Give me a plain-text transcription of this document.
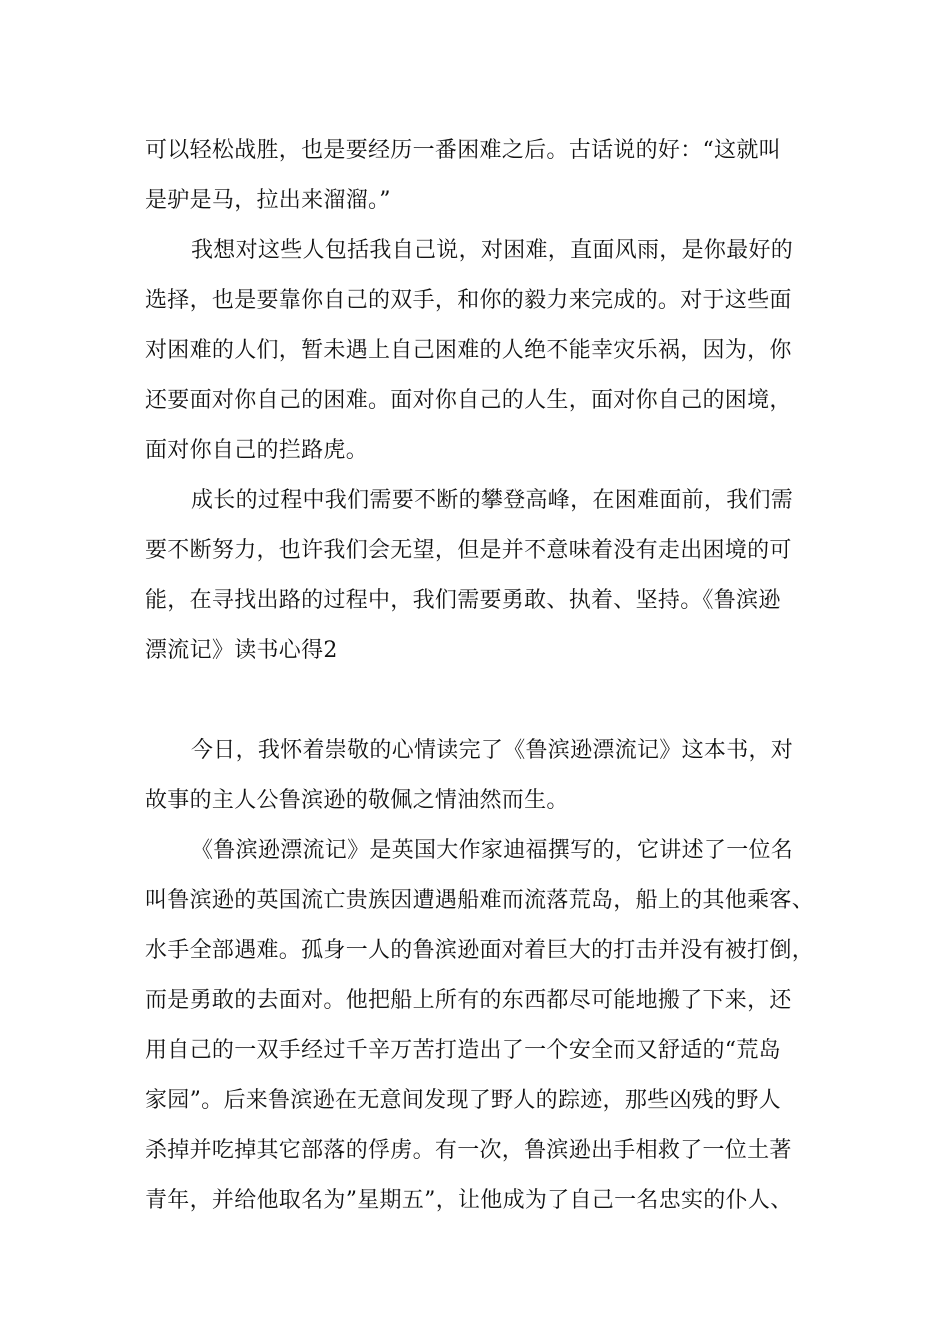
可以轻松战胜，也是要经历一番困难之后。古话说的好：“这就叫
是驴是马，拉出来溜溜。”
我想对这些人包括我自己说，对困难，直面风雨，是你最好的
选择，也是要靠你自己的双手，和你的毅力来完成的。对于这些面
对困难的人们，暂未遇上自己困难的人绝不能幸灾乐祸，因为，你
还要面对你自己的困难。面对你自己的人生，面对你自己的困境，
面对你自己的拦路虎。
成长的过程中我们需要不断的攀登高峰，在困难面前，我们需
要不断努力，也许我们会无望，但是并不意味着没有走出困境的可
能，在寻找出路的过程中，我们需要勇敢、执着、坚持。《鲁滨逊
漂流记》读书心得2
今日，我怀着崇敬的心情读完了《鲁滨逊漂流记》这本书，对
故事的主人公鲁滨逊的敬佩之情油然而生。
《鲁滨逊漂流记》是英国大作家迪福撰写的，它讲述了一位名
叫鲁滨逊的英国流亡贵族因遭遇船难而流落荒岛，船上的其他乘客、
水手全部遇难。孤身一人的鲁滨逊面对着巨大的打击并没有被打倒，
而是勇敢的去面对。他把船上所有的东西都尽可能地搬了下来，还
用自己的一双手经过千辛万苦打造出了一个安全而又舒适的“荒岛
家园”。后来鲁滨逊在无意间发现了野人的踪迹，那些凶残的野人
杀掉并吃掉其它部落的俘虏。有一次，鲁滨逊出手相救了一位土著
青年，并给他取名为”星期五”，让他成为了自己一名忠实的仆人、
